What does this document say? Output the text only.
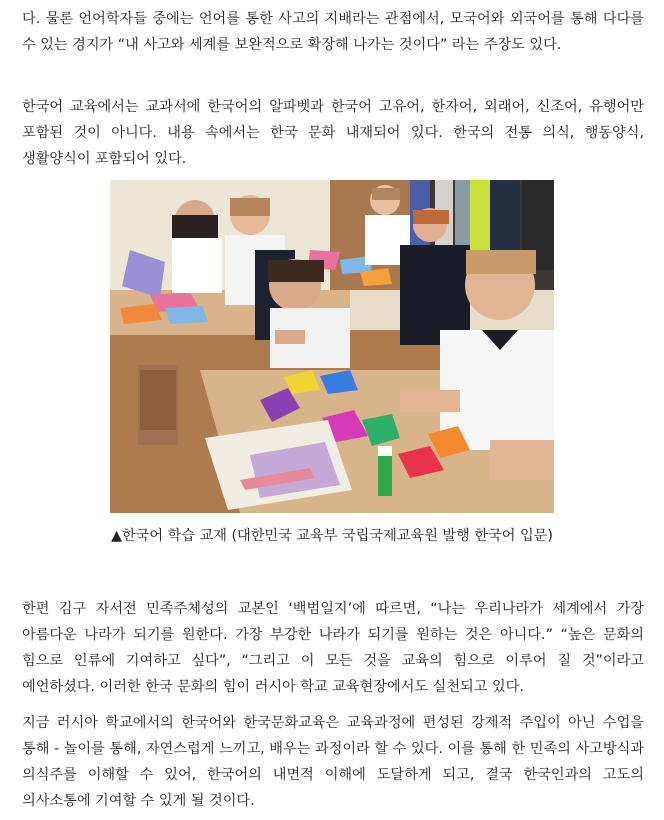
다. 물론 언어학자들 중에는 언어를 통한 사고의 지배라는 관점에서, 모국어와 외국어를 통해 다다를 수 있는 경지가 “내 사고와 세계를 보완적으로 확장해 나가는 것이다” 라는 주장도 있다.

한국어 교육에서는 교과서에 한국어의 알파벳과 한국어 고유어, 한자어, 외래어, 신조어, 유행어만 포함된 것이 아니다. 내용 속에서는 한국 문화 내재되어 있다. 한국의 전통 의식, 행동양식, 생활양식이 포함되어 있다.

▲한국어 학습 교재 (대한민국 교육부 국립국제교육원 발행 한국어 입문)

한편 김구 자서전 민족주체성의 교본인 ‘백범일지’에 따르면, “나는 우리나라가 세계에서 가장 아름다운 나라가 되기를 원한다. 가장 부강한 나라가 되기를 원하는 것은 아니다.” “높은 문화의 힘으로 인류에 기여하고 싶다”, “그리고 이 모든 것을 교육의 힘으로 이루어 질 것”이라고 예언하셨다. 이러한 한국 문화의 힘이 러시아 학교 교육현장에서도 실천되고 있다.

지금 러시아 학교에서의 한국어와 한국문화교육은 교육과정에 편성된 강제적 주입이 아닌 수업을 통해 - 놀이를 통해, 자연스럽게 느끼고, 배우는 과정이라 할 수 있다. 이를 통해 한 민족의 사고방식과 의식주를 이해할 수 있어, 한국어의 내면적 이해에 도달하게 되고, 결국 한국인과의 고도의 의사소통에 기여할 수 있게 될 것이다.
